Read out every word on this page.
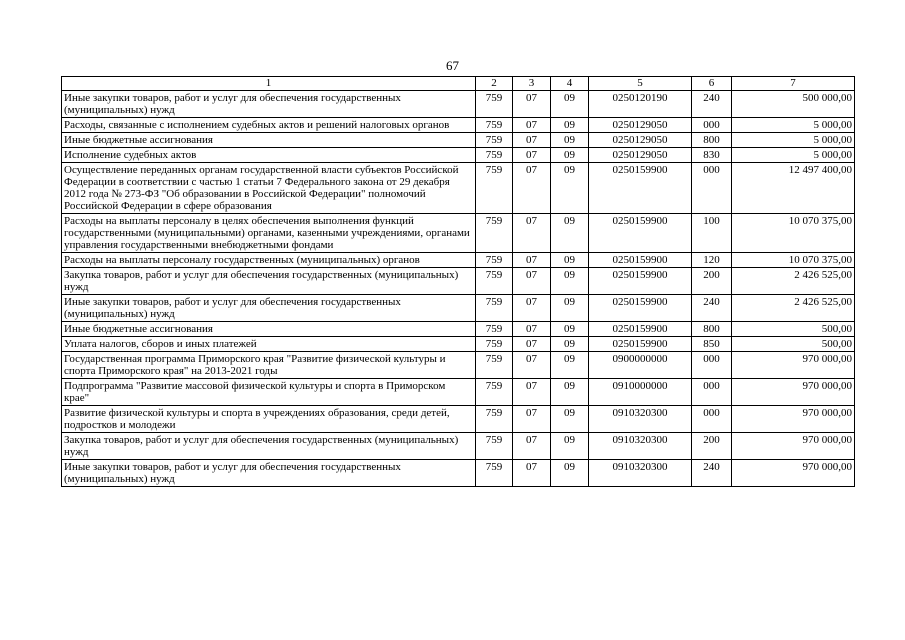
67
1	2	3	4	5	6	7
Иные закупки товаров, работ и услуг для обеспечения государственных (муниципальных) нужд	759	07	09	0250120190	240	500 000,00
Расходы, связанные с исполнением судебных актов и решений налоговых органов	759	07	09	0250129050	000	5 000,00
Иные бюджетные ассигнования	759	07	09	0250129050	800	5 000,00
Исполнение судебных актов	759	07	09	0250129050	830	5 000,00
Осуществление переданных органам государственной власти субъектов Российской Федерации в соответствии с частью 1 статьи 7 Федерального закона от 29 декабря 2012 года № 273-ФЗ "Об образовании в Российской Федерации" полномочий Российской Федерации в сфере образования	759	07	09	0250159900	000	12 497 400,00
Расходы на выплаты персоналу в целях обеспечения выполнения функций государственными (муниципальными) органами, казенными учреждениями, органами управления государственными внебюджетными фондами	759	07	09	0250159900	100	10 070 375,00
Расходы на выплаты персоналу государственных (муниципальных) органов	759	07	09	0250159900	120	10 070 375,00
Закупка товаров, работ и услуг для обеспечения государственных (муниципальных) нужд	759	07	09	0250159900	200	2 426 525,00
Иные закупки товаров, работ и услуг для обеспечения государственных (муниципальных) нужд	759	07	09	0250159900	240	2 426 525,00
Иные бюджетные ассигнования	759	07	09	0250159900	800	500,00
Уплата налогов, сборов и иных платежей	759	07	09	0250159900	850	500,00
Государственная программа Приморского края "Развитие физической культуры и спорта Приморского края" на 2013-2021 годы	759	07	09	0900000000	000	970 000,00
Подпрограмма "Развитие массовой физической культуры и спорта в Приморском крае"	759	07	09	0910000000	000	970 000,00
Развитие физической культуры и спорта в учреждениях образования, среди детей, подростков и молодежи	759	07	09	0910320300	000	970 000,00
Закупка товаров, работ и услуг для обеспечения государственных (муниципальных) нужд	759	07	09	0910320300	200	970 000,00
Иные закупки товаров, работ и услуг для обеспечения государственных (муниципальных) нужд	759	07	09	0910320300	240	970 000,00
